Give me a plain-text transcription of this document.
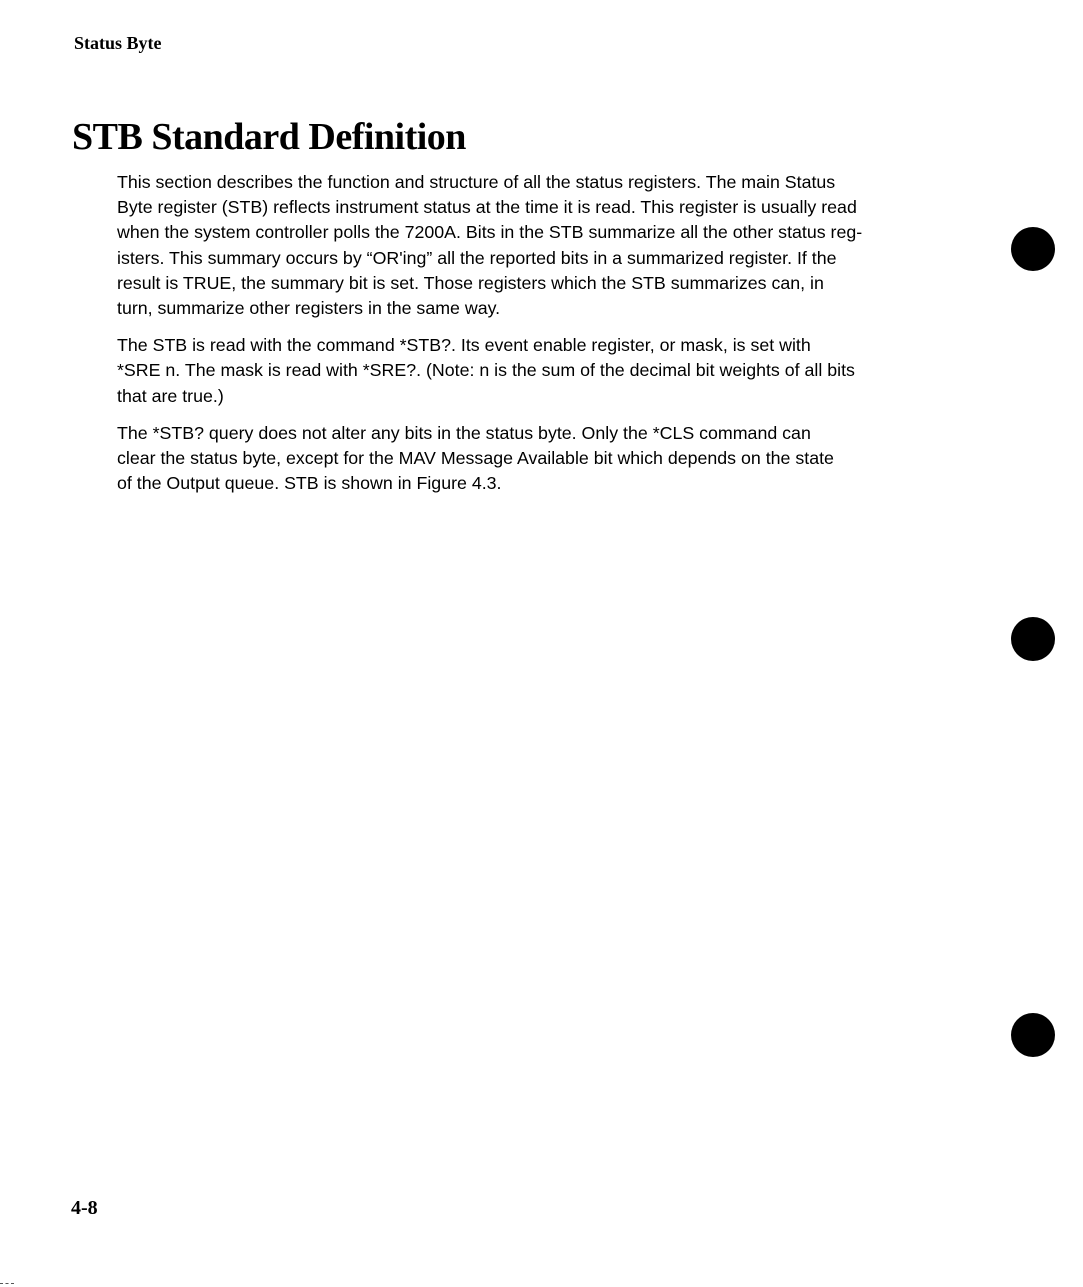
Status Byte
STB Standard Definition

This section describes the function and structure of all the status registers. The main Status
Byte register (STB) reflects instrument status at the time it is read. This register is usually read
when the system controller polls the 7200A. Bits in the STB summarize all the other status reg-
isters. This summary occurs by “OR'ing” all the reported bits in a summarized register. If the
result is TRUE, the summary bit is set. Those registers which the STB summarizes can, in
turn, summarize other registers in the same way.

The STB is read with the command *STB?. Its event enable register, or mask, is set with
*SRE n. The mask is read with *SRE?. (Note: n is the sum of the decimal bit weights of all bits
that are true.)

The *STB? query does not alter any bits in the status byte. Only the *CLS command can
clear the status byte, except for the MAV Message Available bit which depends on the state
of the Output queue. STB is shown in Figure 4.3.

4-8
